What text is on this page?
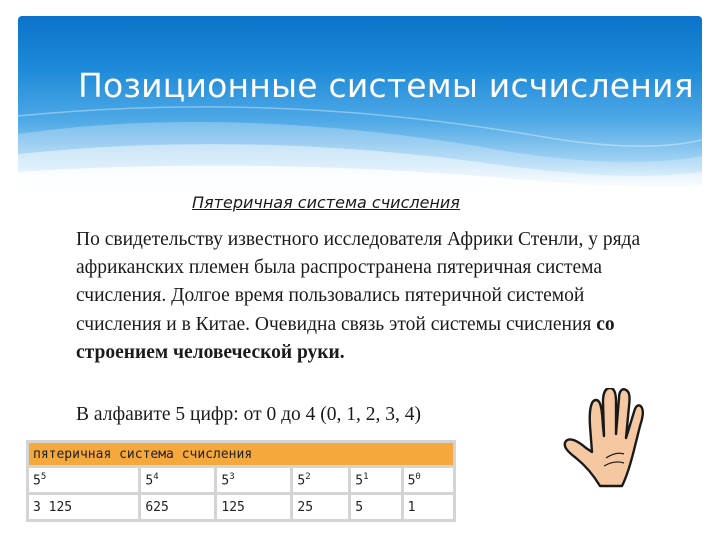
Позиционные системы исчисления
Пятеричная система счисления
По свидетельству известного исследователя Африки Стенли, у ряда африканских племен была распространена пятеричная система счисления. Долгое время пользовались пятеричной системой счисления и в Китае. Очевидна связь этой системы счисления со строением человеческой руки.
В алфавите 5 цифр: от 0 до 4 (0, 1, 2, 3, 4)
пятеричная система счисления					
$5^5$	$5^4$	$5^3$	$5^2$	$5^1$	$5^0$
3 125	625	125	25	5	1
